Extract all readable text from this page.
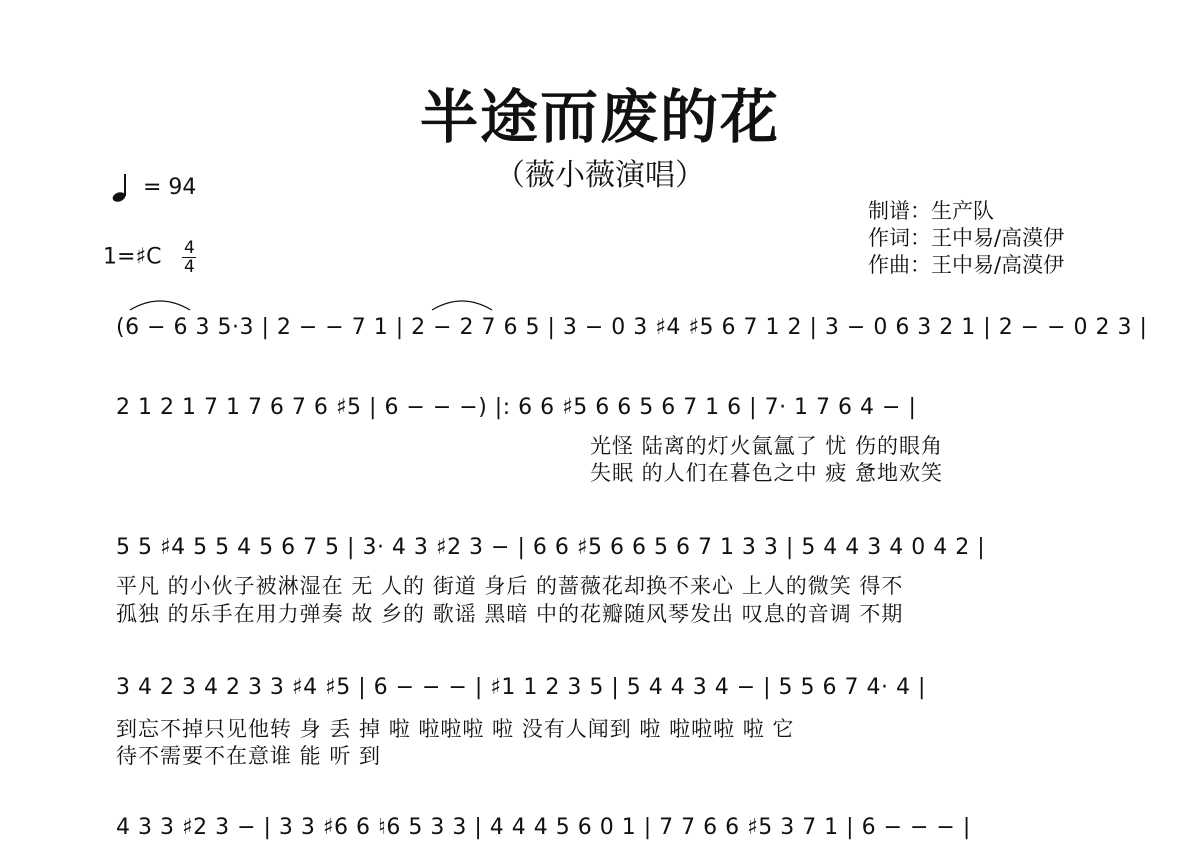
半途而废的花
（薇小薇演唱）
= 94
1=♯C $\frac{4}{4}$
制谱：生产队
作词：王中易/高漠伊
作曲：王中易/高漠伊
(6 − 6 3 5·3 | 2 − − 7 1 | 2 − 2 7 6 5 | 3 − 0 3 ♯4 ♯5 6 7 1 2 | 3 − 0 6 3 2 1 | 2 − − 0 2 3 |
2 1 2 1 7 1 7 6 7 6 ♯5 | 6 − − −) |: 6 6 ♯5 6 6 5 6 7 1 6 | 7· 1 7 6 4 − |
光怪 陆离的灯火氤氲了 忧 伤的眼角
失眠 的人们在暮色之中 疲 惫地欢笑
5 5 ♯4 5 5 4 5 6 7 5 | 3· 4 3 ♯2 3 − | 6 6 ♯5 6 6 5 6 7 1 3 3 | 5 4 4 3 4 0 4 2 |
平凡 的小伙子被淋湿在 无 人的 街道 身后 的蔷薇花却换不来心 上人的微笑 得不
孤独 的乐手在用力弹奏 故 乡的 歌谣 黑暗 中的花瓣随风琴发出 叹息的音调 不期
3 4 2 3 4 2 3 3 ♯4 ♯5 | 6 − − − | ♯1 1 2 3 5 | 5 4 4 3 4 − | 5 5 6 7 4· 4 |
到忘不掉只见他转 身 丢 掉 啦 啦啦啦 啦 没有人闻到 啦 啦啦啦 啦 它
待不需要不在意谁 能 听 到
4 3 3 ♯2 3 − | 3 3 ♯6 6 ♮6 5 3 3 | 4 4 4 5 6 0 1 | 7 7 6 6 ♯5 3 7 1 | 6 − − − |
